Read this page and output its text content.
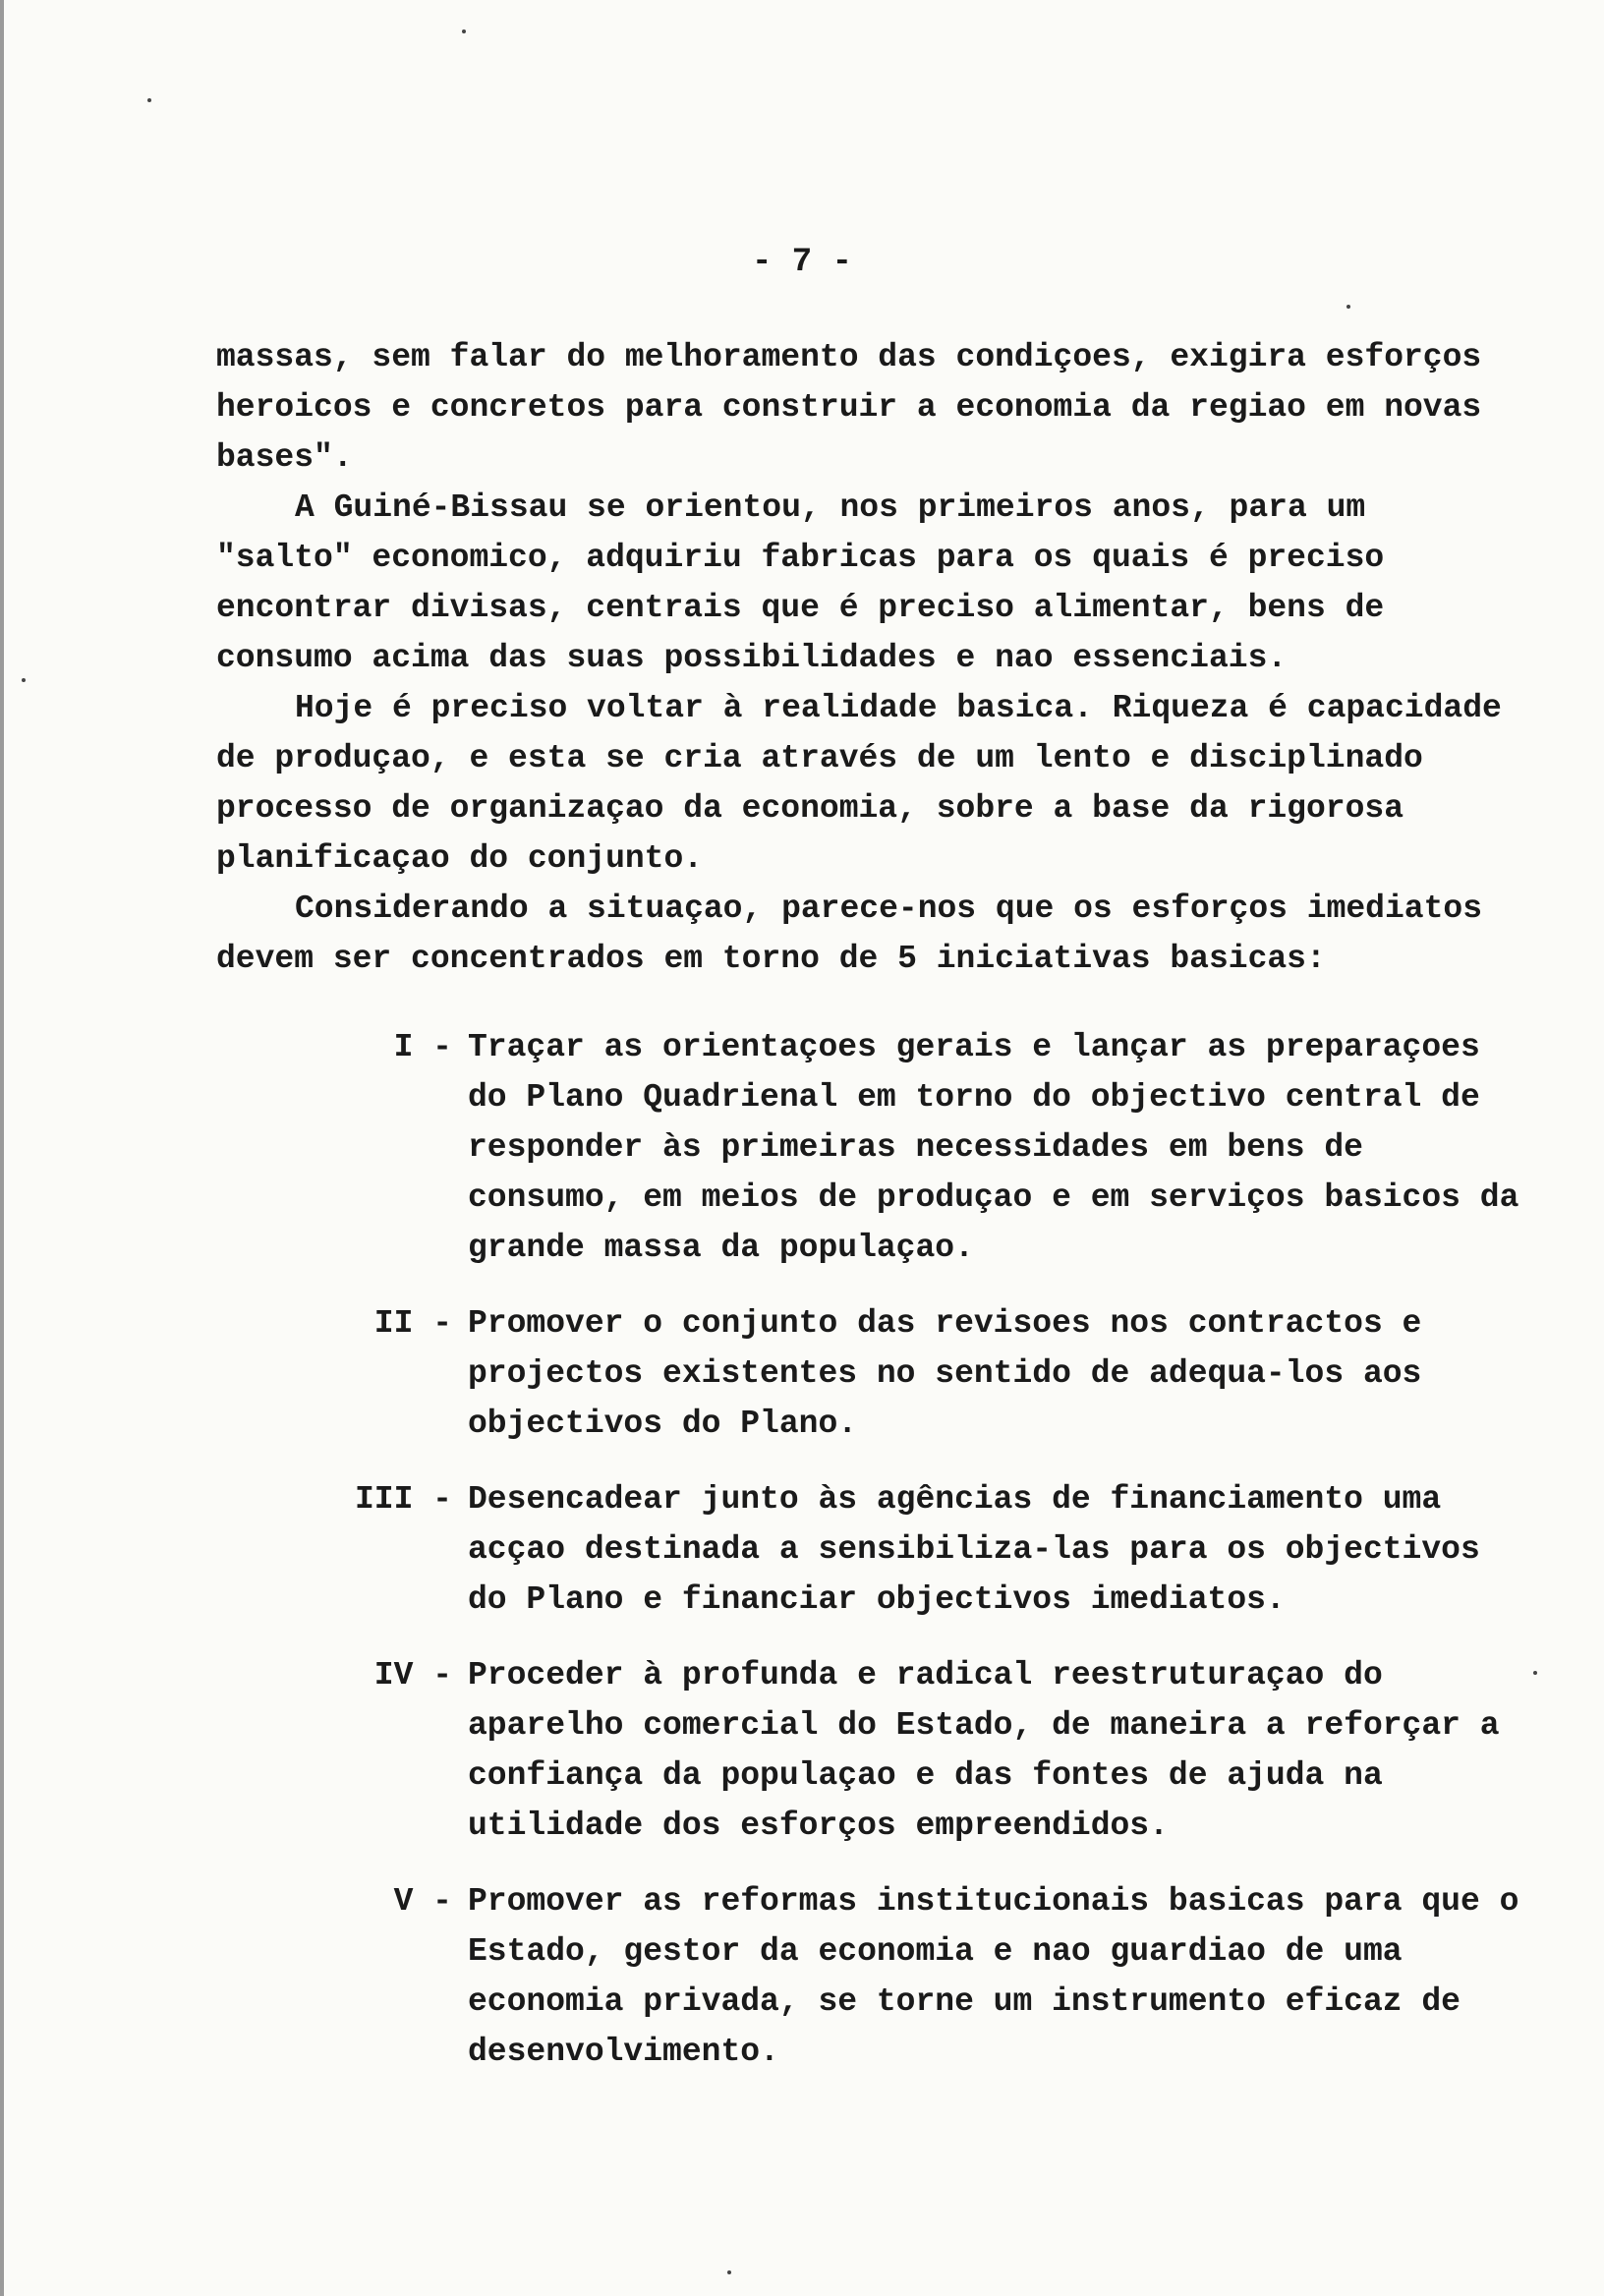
- 7 -

massas, sem falar do melhoramento das condiçoes, exigira esforços heroicos e concretos para construir a economia da regiao em novas bases".

A Guiné-Bissau se orientou, nos primeiros anos, para um "salto" economico, adquiriu fabricas para os quais é preciso encontrar divisas, centrais que é preciso alimentar, bens de consumo acima das suas possibilidades e nao essenciais.

Hoje é preciso voltar à realidade basica. Riqueza é capacidade de produçao, e esta se cria através de um lento e disciplinado processo de organizaçao da economia, sobre a base da rigorosa planificaçao do conjunto.

Considerando a situaçao, parece-nos que os esforços imediatos devem ser concentrados em torno de 5 iniciativas basicas:

I - Traçar as orientaçoes gerais e lançar as preparaçoes do Plano Quadrienal em torno do objectivo central de responder às primeiras necessidades em bens de consumo, em meios de produçao e em serviços basicos da grande massa da populaçao.
II - Promover o conjunto das revisoes nos contractos e projectos existentes no sentido de adequa-los aos objectivos do Plano.
III - Desencadear junto às agências de financiamento uma acçao destinada a sensibiliza-las para os objectivos do Plano e financiar objectivos imediatos.
IV - Proceder à profunda e radical reestruturaçao do aparelho comercial do Estado, de maneira a reforçar a confiança da populaçao e das fontes de ajuda na utilidade dos esforços empreendidos.
V - Promover as reformas institucionais basicas para que o Estado, gestor da economia e nao guardiao de uma economia privada, se torne um instrumento eficaz de desenvolvimento.
